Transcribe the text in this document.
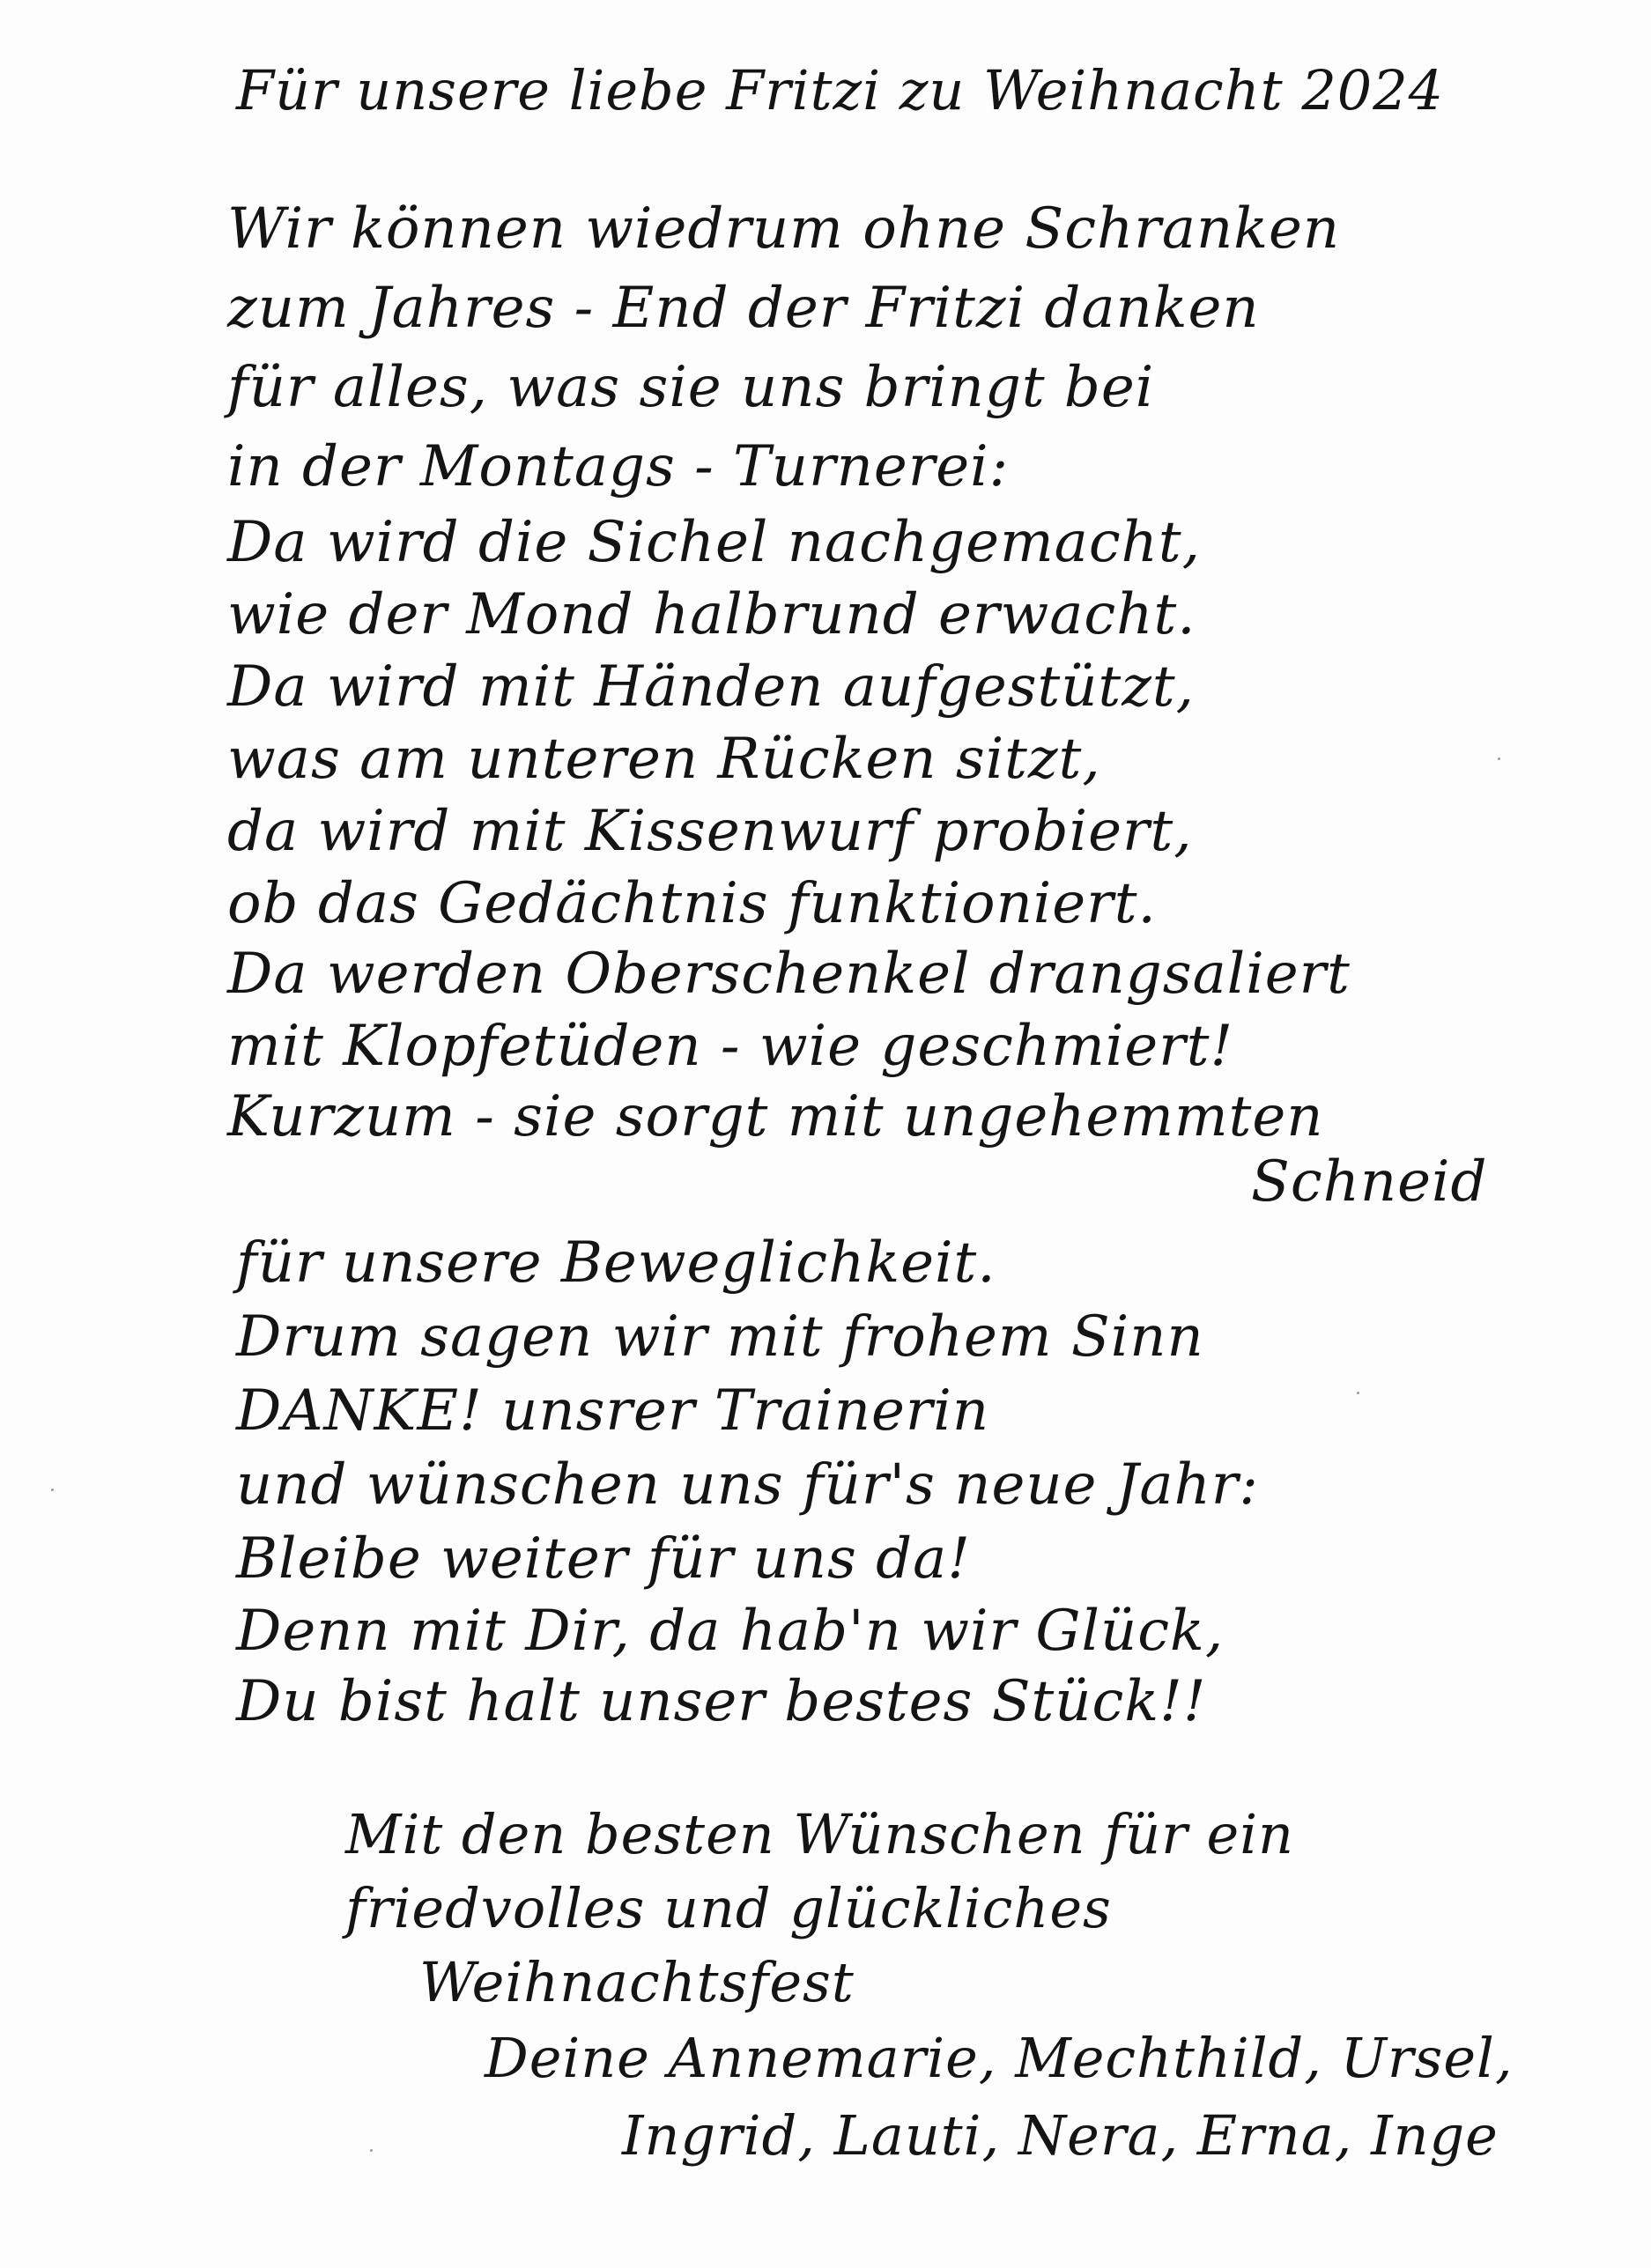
Für unsere liebe Fritzi zu Weihnacht 2024
Wir können wiedrum ohne Schranken
zum Jahres - End der Fritzi danken
für alles, was sie uns bringt bei
in der Montags - Turnerei:
Da wird die Sichel nachgemacht,
wie der Mond halbrund erwacht.
Da wird mit Händen aufgestützt,
was am unteren Rücken sitzt,
da wird mit Kissenwurf probiert,
ob das Gedächtnis funktioniert.
Da werden Oberschenkel drangsaliert
mit Klopfetüden - wie geschmiert!
Kurzum - sie sorgt mit ungehemmten
Schneid
für unsere Beweglichkeit.
Drum sagen wir mit frohem Sinn
DANKE! unsrer Trainerin
und wünschen uns für's neue Jahr:
Bleibe weiter für uns da!
Denn mit Dir, da hab'n wir Glück,
Du bist halt unser bestes Stück!!
Mit den besten Wünschen für ein
friedvolles und glückliches
Weihnachtsfest
Deine Annemarie, Mechthild, Ursel,
Ingrid, Lauti, Nera, Erna, Inge
